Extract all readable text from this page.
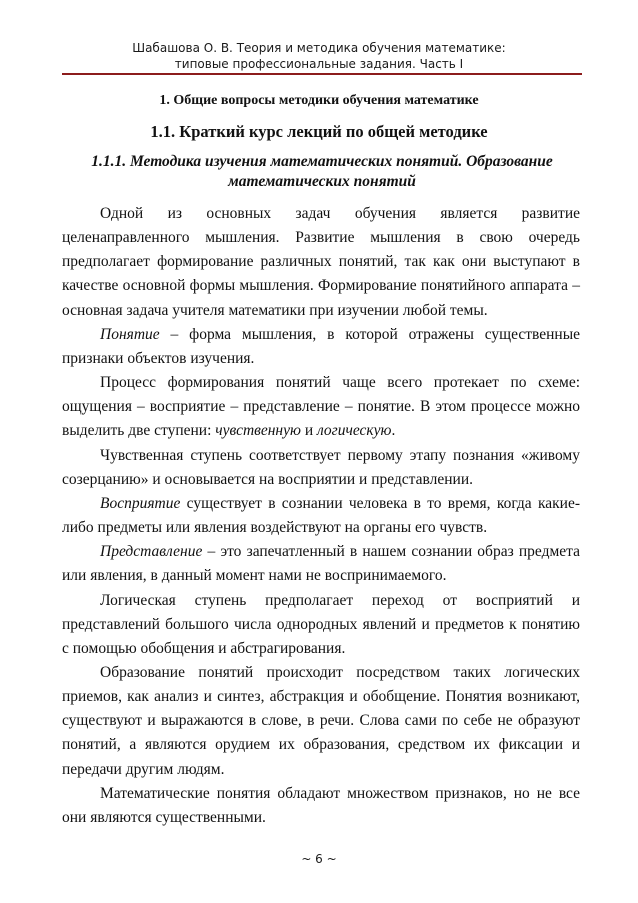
Шабашова О. В. Теория и методика обучения математике:
типовые профессиональные задания. Часть I
1. Общие вопросы методики обучения математике
1.1. Краткий курс лекций по общей методике
1.1.1. Методика изучения математических понятий. Образование математических понятий

Одной из основных задач обучения является развитие целенаправленного мышления. Развитие мышления в свою очередь предполагает формирование различных понятий, так как они выступают в качестве основной формы мышления. Формирование понятийного аппарата – основная задача учителя математики при изучении любой темы.

Понятие – форма мышления, в которой отражены существенные признаки объектов изучения.

Процесс формирования понятий чаще всего протекает по схеме: ощущения – восприятие – представление – понятие. В этом процессе можно выделить две ступени: чувственную и логическую.

Чувственная ступень соответствует первому этапу познания «живому созерцанию» и основывается на восприятии и представлении.

Восприятие существует в сознании человека в то время, когда какие-либо предметы или явления воздействуют на органы его чувств.

Представление – это запечатленный в нашем сознании образ предмета или явления, в данный момент нами не воспринимаемого.

Логическая ступень предполагает переход от восприятий и представлений большого числа однородных явлений и предметов к понятию с помощью обобщения и абстрагирования.

Образование понятий происходит посредством таких логических приемов, как анализ и синтез, абстракция и обобщение. Понятия возникают, существуют и выражаются в слове, в речи. Слова сами по себе не образуют понятий, а являются орудием их образования, средством их фиксации и передачи другим людям.

Математические понятия обладают множеством признаков, но не все они являются существенными.

~ 6 ~
